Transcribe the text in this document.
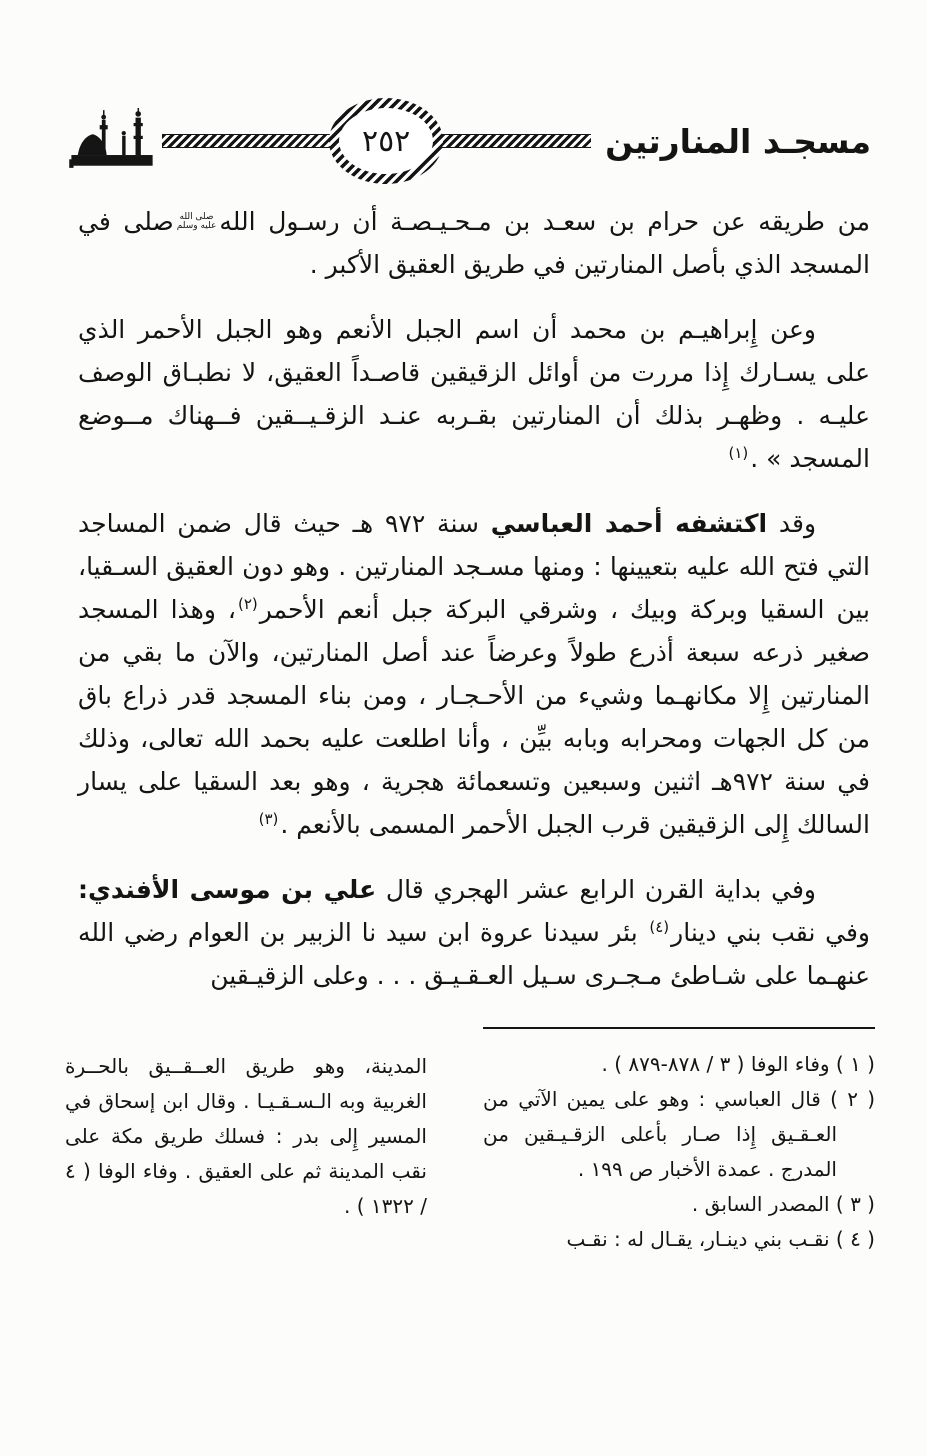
٢٥٢	مسجـد المنارتين

من طريقه عن حرام بن سعـد بن مـحـيـصـة أن رسـول اللهصلى الله
عليه وسلمصلى في المسجد الذي بأصل المنارتين في طريق العقيق الأكبر .

وعن إِبراهيـم بن محمد أن اسم الجبل الأنعم وهو الجبل الأحمر الذي على يسـارك إِذا مررت من أوائل الزقيقين قاصـداً العقيق، لا نطبـاق الوصف عليـه . وظهـر بذلك أن المنارتين بقـربه عنـد الزقـيــقين فــهناك مــوضع المسجد » .$^{(١)}$

وقد اكتشفه أحمد العباسي سنة ٩٧٢ هـ حيث قال ضمن المساجد التي فتح الله عليه بتعيينها : ومنها مسـجد المنارتين . وهو دون العقيق السـقيا، بين السقيا وبركة وبيك ، وشرقي البركة جبل أنعم الأحمر$^{(٢)}$، وهذا المسجد صغير ذرعه سبعة أذرع طولاً وعرضاً عند أصل المنارتين، والآن ما بقي من المنارتين إِلا مكانهـما وشيء من الأحـجـار ، ومن بناء المسجد قدر ذراع باق من كل الجهات ومحرابه وبابه بيِّن ، وأنا اطلعت عليه بحمد الله تعالى، وذلك في سنة ٩٧٢هـ اثنين وسبعين وتسعمائة هجرية ، وهو بعد السقيا على يسار السالك إِلى الزقيقين قرب الجبل الأحمر المسمى بالأنعم .$^{(٣)}$

وفي بداية القرن الرابع عشر الهجري قال علي بن موسى الأفندي: وفي نقب بني دينار$^{(٤)}$ بئر سيدنا عروة ابن سيد نا الزبير بن العوام رضي الله عنهـما على شـاطئ مـجـرى سـيل العـقـيـق . . . وعلى الزقيـقين

( ١ ) وفاء الوفا ( ٣ / ٨٧٨-٨٧٩ ) .
( ٢ ) قال العباسي : وهو على يمين الآتي من العـقـيق إِذا صـار بأعلى الزقـيـقين من المدرج . عمدة الأخبار ص ١٩٩ .
( ٣ ) المصدر السابق .
( ٤ ) نقـب بني دينـار، يقـال له : نقـب
المدينة، وهو طريق العــقــيق بالحــرة الغربية وبه الـسـقـيـا . وقال ابن إسحاق في المسير إِلى بدر : فسلك طريق مكة على نقب المدينة ثم على العقيق . وفاء الوفا ( ٤ / ١٣٢٢ ) .
